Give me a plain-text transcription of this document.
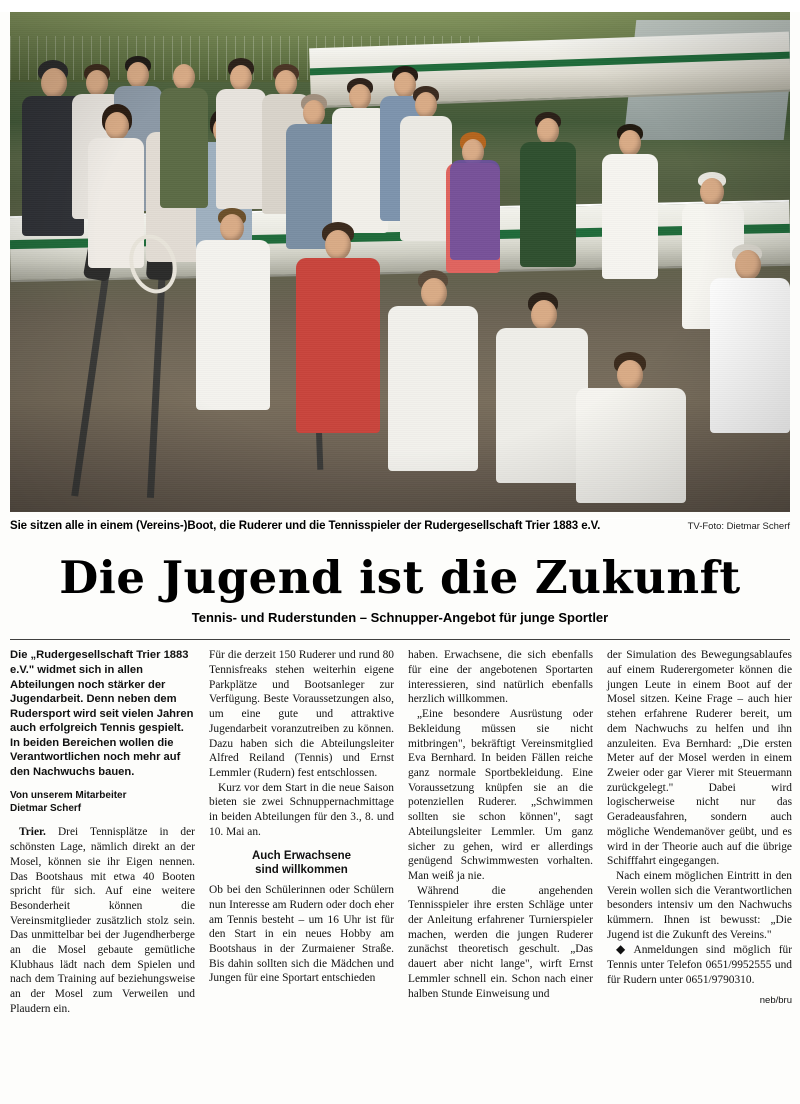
Sie sitzen alle in einem (Vereins-)Boot, die Ruderer und die Tennisspieler der Rudergesellschaft Trier 1883 e.V.	TV-Foto: Dietmar Scherf
Die Jugend ist die Zukunft
Tennis- und Ruderstunden – Schnupper-Angebot für junge Sportler
Die „Rudergesellschaft Trier 1883 e.V." widmet sich in allen Abteilungen noch stärker der Jugendarbeit. Denn neben dem Rudersport wird seit vielen Jahren auch erfolgreich Tennis gespielt. In beiden Bereichen wollen die Verantwortlichen noch mehr auf den Nachwuchs bauen.
Von unserem Mitarbeiter
Dietmar Scherf

Trier. Drei Tennisplätze in der schönsten Lage, nämlich direkt an der Mosel, können sie ihr Eigen nennen. Das Bootshaus mit etwa 40 Booten spricht für sich. Auf eine weitere Besonderheit können die Vereinsmitglieder zusätzlich stolz sein. Das unmittelbar bei der Jugendherberge an die Mosel gebaute gemütliche Klubhaus lädt nach dem Spielen und nach dem Training auf beziehungsweise an der Mosel zum Verweilen und Plaudern ein.

Für die derzeit 150 Ruderer und rund 80 Tennisfreaks stehen weiterhin eigene Parkplätze und Bootsanleger zur Verfügung. Beste Voraussetzungen also, um eine gute und attraktive Jugendarbeit voranzutreiben zu können. Dazu haben sich die Abteilungsleiter Alfred Reiland (Tennis) und Ernst Lemmler (Rudern) fest entschlossen.

Kurz vor dem Start in die neue Saison bieten sie zwei Schnuppernachmittage in beiden Abteilungen für den 3., 8. und 10. Mai an.

Auch Erwachsene
sind willkommen

Ob bei den Schülerinnen oder Schülern nun Interesse am Rudern oder doch eher am Tennis besteht – um 16 Uhr ist für den Start in ein neues Hobby am Bootshaus in der Zurmaiener Straße. Bis dahin sollten sich die Mädchen und Jungen für eine Sportart entschieden

haben. Erwachsene, die sich ebenfalls für eine der angebotenen Sportarten interessieren, sind natürlich ebenfalls herzlich willkommen.

„Eine besondere Ausrüstung oder Bekleidung müssen sie nicht mitbringen", bekräftigt Vereinsmitglied Eva Bernhard. In beiden Fällen reiche ganz normale Sportbekleidung. Eine Voraussetzung knüpfen sie an die potenziellen Ruderer. „Schwimmen sollten sie schon können", sagt Abteilungsleiter Lemmler. Um ganz sicher zu gehen, wird er allerdings genügend Schwimmwesten vorhalten. Man weiß ja nie.

Während die angehenden Tennisspieler ihre ersten Schläge unter der Anleitung erfahrener Turnierspieler machen, werden die jungen Ruderer zunächst theoretisch geschult. „Das dauert aber nicht lange", wirft Ernst Lemmler schnell ein. Schon nach einer halben Stunde Einweisung und

der Simulation des Bewegungsablaufes auf einem Ruderergometer können die jungen Leute in einem Boot auf der Mosel sitzen. Keine Frage – auch hier stehen erfahrene Ruderer bereit, um dem Nachwuchs zu helfen und ihn anzuleiten. Eva Bernhard: „Die ersten Meter auf der Mosel werden in einem Zweier oder gar Vierer mit Steuermann zurückgelegt." Dabei wird logischerweise nicht nur das Geradeausfahren, sondern auch mögliche Wendemanöver geübt, und es wird in der Theorie auch auf die übrige Schifffahrt eingegangen.

Nach einem möglichen Eintritt in den Verein wollen sich die Verantwortlichen besonders intensiv um den Nachwuchs kümmern. Ihnen ist bewusst: „Die Jugend ist die Zukunft des Vereins."

◆ Anmeldungen sind möglich für Tennis unter Telefon 0651/9952555 und für Rudern unter 0651/9790310.

neb/bru
